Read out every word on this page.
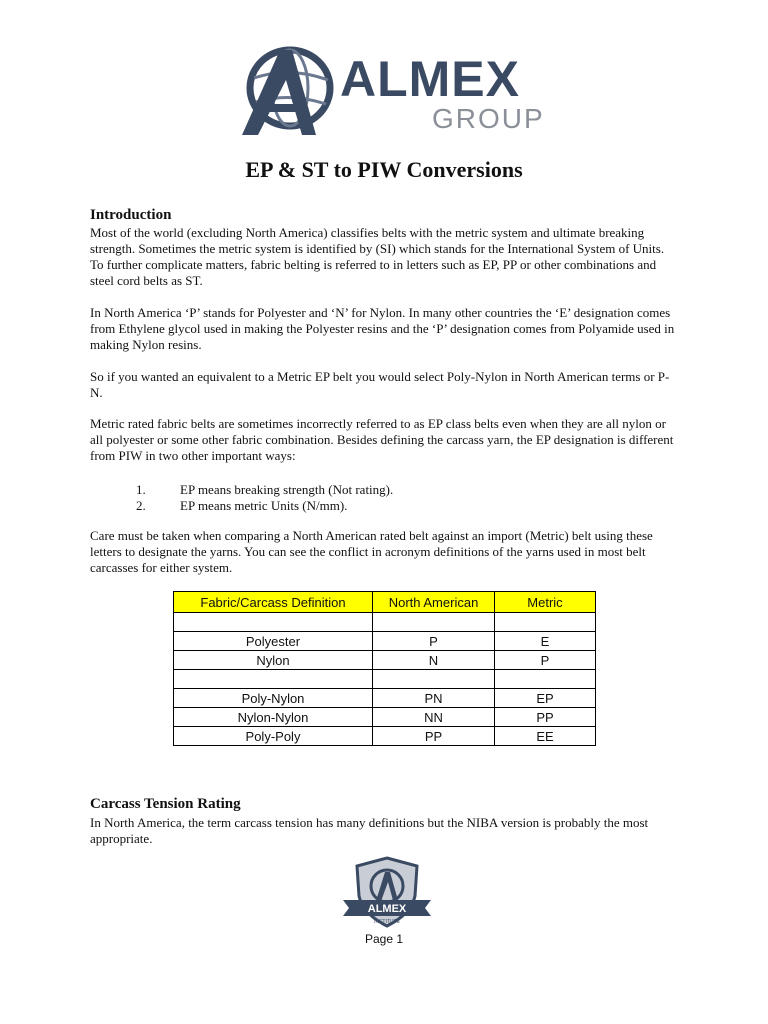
ALMEX
GROUP
EP & ST to PIW Conversions
Introduction
Most of the world (excluding North America) classifies belts with the metric system and ultimate breaking strength. Sometimes the metric system is identified by (SI) which stands for the International System of Units. To further complicate matters, fabric belting is referred to in letters such as EP, PP or other combinations and steel cord belts as ST.
In North America ‘P’ stands for Polyester and ‘N’ for Nylon. In many other countries the ‘E’ designation comes from Ethylene glycol used in making the Polyester resins and the ‘P’ designation comes from Polyamide used in making Nylon resins.
So if you wanted an equivalent to a Metric EP belt you would select Poly-Nylon in North American terms or P-N.
Metric rated fabric belts are sometimes incorrectly referred to as EP class belts even when they are all nylon or all polyester or some other fabric combination. Besides defining the carcass yarn, the EP designation is different from PIW in two other important ways:
1.	EP means breaking strength (Not rating).
2.	EP means metric Units (N/mm).
Care must be taken when comparing a North American rated belt against an import (Metric) belt using these letters to designate the yarns. You can see the conflict in acronym definitions of the yarns used in most belt carcasses for either system.
Fabric/Carcass Definition	North American	Metric

Polyester	P	E
Nylon	N	P

Poly-Nylon	PN	EP
Nylon-Nylon	NN	PP
Poly-Poly	PP	EE
Carcass Tension Rating
In North America, the term carcass tension has many definitions but the NIBA version is probably the most appropriate.
ALMEX
INSTITUTE
Page 1
